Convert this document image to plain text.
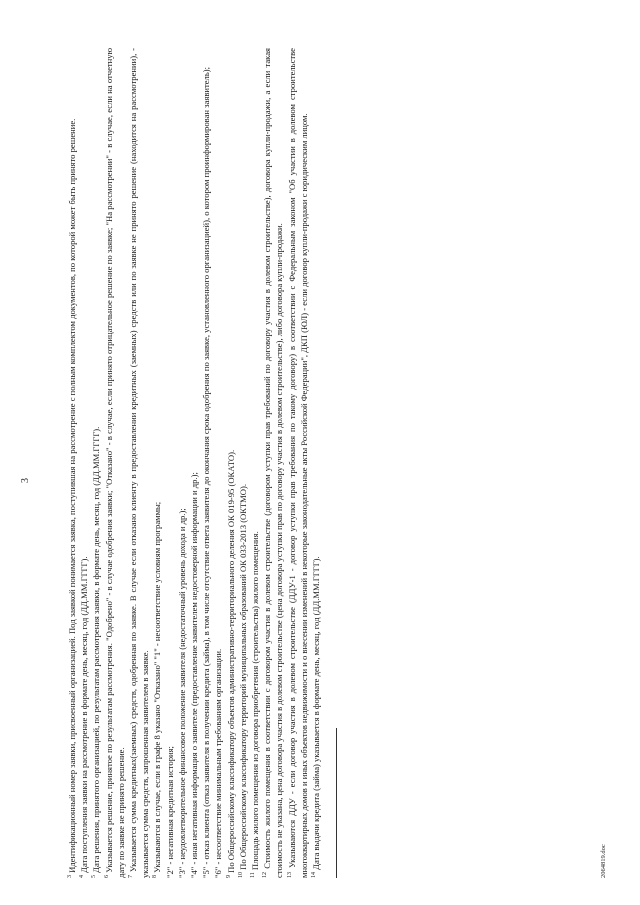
3

$^3$ Идентификационный номер заявки, присвоенный организацией. Под заявкой понимается заявка, поступившая на рассмотрение с полным комплектом документов, по которой может быть принято решение.

$^4$ Дата поступления заявки на рассмотрение в формате день, месяц, год (ДД.ММ.ГГГГ).

$^5$ Дата решения, принятого организацией, по результатам рассмотрения заявки, в формате день, месяц, год (ДД.ММ.ГГГГ).

$^6$ Указывается решение, принятое по результатам рассмотрения. "Одобрено" - в случае одобрения заявки; "Отказано" - в случае, если принято отрицательное решение по заявке; "На рассмотрении" - в случае, если на отчетную дату по заявке не принято решение. $^7$ Указывается сумма кредитных(заемных) средств, одобренная по заявке. В случае если отказано клиенту в предоставлении кредитных (заемных) средств или по заявке не принято решение (находится на рассмотрении), - указывается сумма средств, запрошенная заявителем в заявке. $^8$ Указываются в случае, если в графе 8 указано "Отказано" "1" - несоответствие условиям программы; "2" - негативная кредитная история; "3" - неудовлетворительное финансовое положение заявителя (недостаточный уровень дохода и др.); "4" - иная негативная информация о заявителе (предоставление заявителем недостоверной информации и др.); "5" - отказ клиента (отказ заявителя в получении кредита (займа), в том числе отсутствие ответа заявителя до окончания срока одобрения по заявке, установленного организацией), о котором проинформирован заявитель); "6" - несоответствие минимальным требованиям организации. $^9$ По Общероссийскому классификатору объектов административно-территориального деления ОК 019-95 (ОКАТО).

$^{10}$ По Общероссийскому классификатору территорий муниципальных образований ОК 033-2013 (ОКТМО).

$^{11}$ Площадь жилого помещения из договора приобретения (строительства) жилого помещения.

$^{12}$ Стоимость жилого помещения в соответствии с договором участия в долевом строительстве (договором уступки прав требований по договору участия в долевом строительстве), договора купли-продажи, а если такая стоимость не указана, цена договора участия в долевом строительстве (цена договора уступки прав по договору участия в долевом строительстве), либо договора купли-продажи. $^{13}$ Указываются ДДУ - если договор участия в долевом строительстве (ДДУ-1 - договор уступки прав требования по такому договору) в соответствии с Федеральным законом "Об участии в долевом строительстве многоквартирных домов и иных объектов недвижимости и о внесении изменений в некоторые законодательные акты Российской Федерации", ДКП (ЮЛ) - если договор купли-продажи с юридическим лицом. $^{14}$ Дата выдачи кредита (займа) указывается в формате день, месяц, год (ДД.ММ.ГГГГ).	2064819.doc
